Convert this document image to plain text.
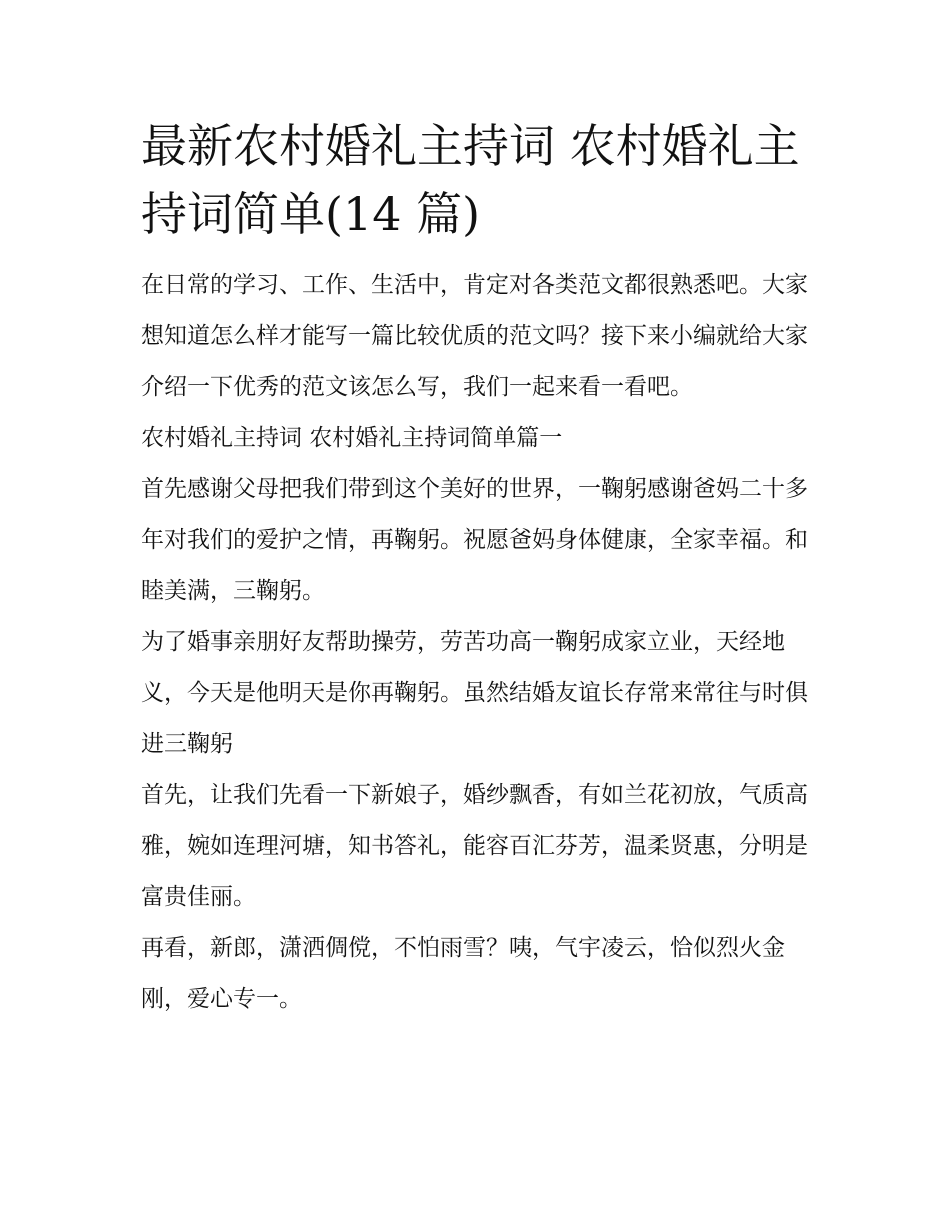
最新农村婚礼主持词 农村婚礼主持词简单(14 篇)

在日常的学习、工作、生活中，肯定对各类范文都很熟悉吧。大家想知道怎么样才能写一篇比较优质的范文吗？接下来小编就给大家介绍一下优秀的范文该怎么写，我们一起来看一看吧。

农村婚礼主持词 农村婚礼主持词简单篇一

首先感谢父母把我们带到这个美好的世界，一鞠躬感谢爸妈二十多年对我们的爱护之情，再鞠躬。祝愿爸妈身体健康，全家幸福。和睦美满，三鞠躬。

为了婚事亲朋好友帮助操劳，劳苦功高一鞠躬成家立业，天经地义，今天是他明天是你再鞠躬。虽然结婚友谊长存常来常往与时俱进三鞠躬

首先，让我们先看一下新娘子，婚纱飘香，有如兰花初放，气质高雅，婉如连理河塘，知书答礼，能容百汇芬芳，温柔贤惠，分明是富贵佳丽。

再看，新郎，潇洒倜傥，不怕雨雪？咦，气宇凌云，恰似烈火金刚，爱心专一。
